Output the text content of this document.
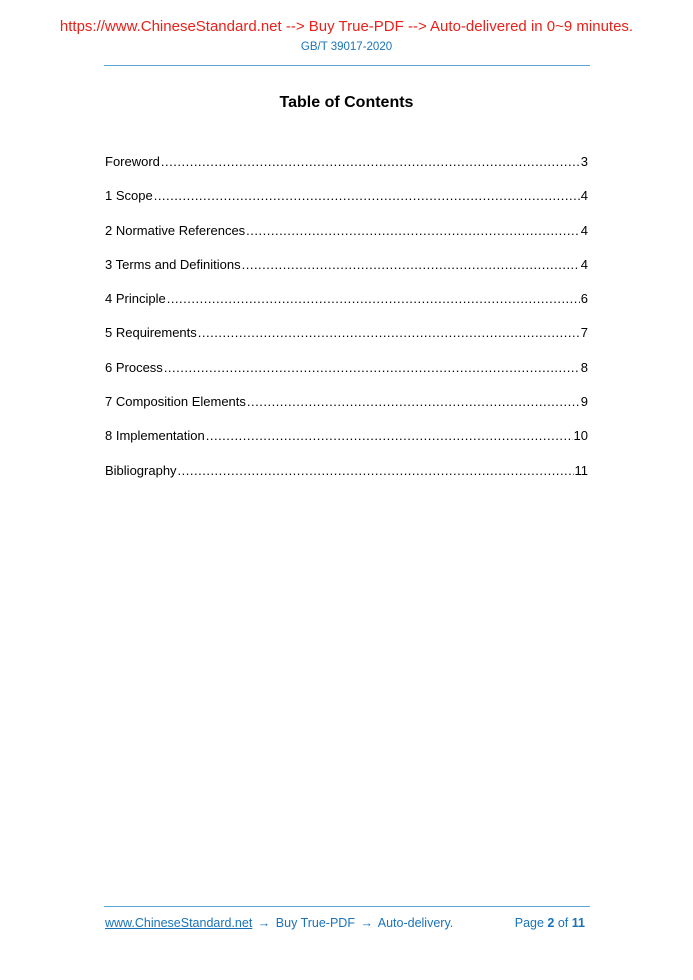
https://www.ChineseStandard.net --> Buy True-PDF --> Auto-delivered in 0~9 minutes.
GB/T 39017-2020
Table of Contents
Foreword .....	3
1 Scope .....	4
2 Normative References .....	4
3 Terms and Definitions .....	4
4 Principle .....	6
5 Requirements .....	7
6 Process .....	8
7 Composition Elements .....	9
8 Implementation .....	10
Bibliography .....	11
www.ChineseStandard.net → Buy True-PDF → Auto-delivery.	Page 2 of 11
